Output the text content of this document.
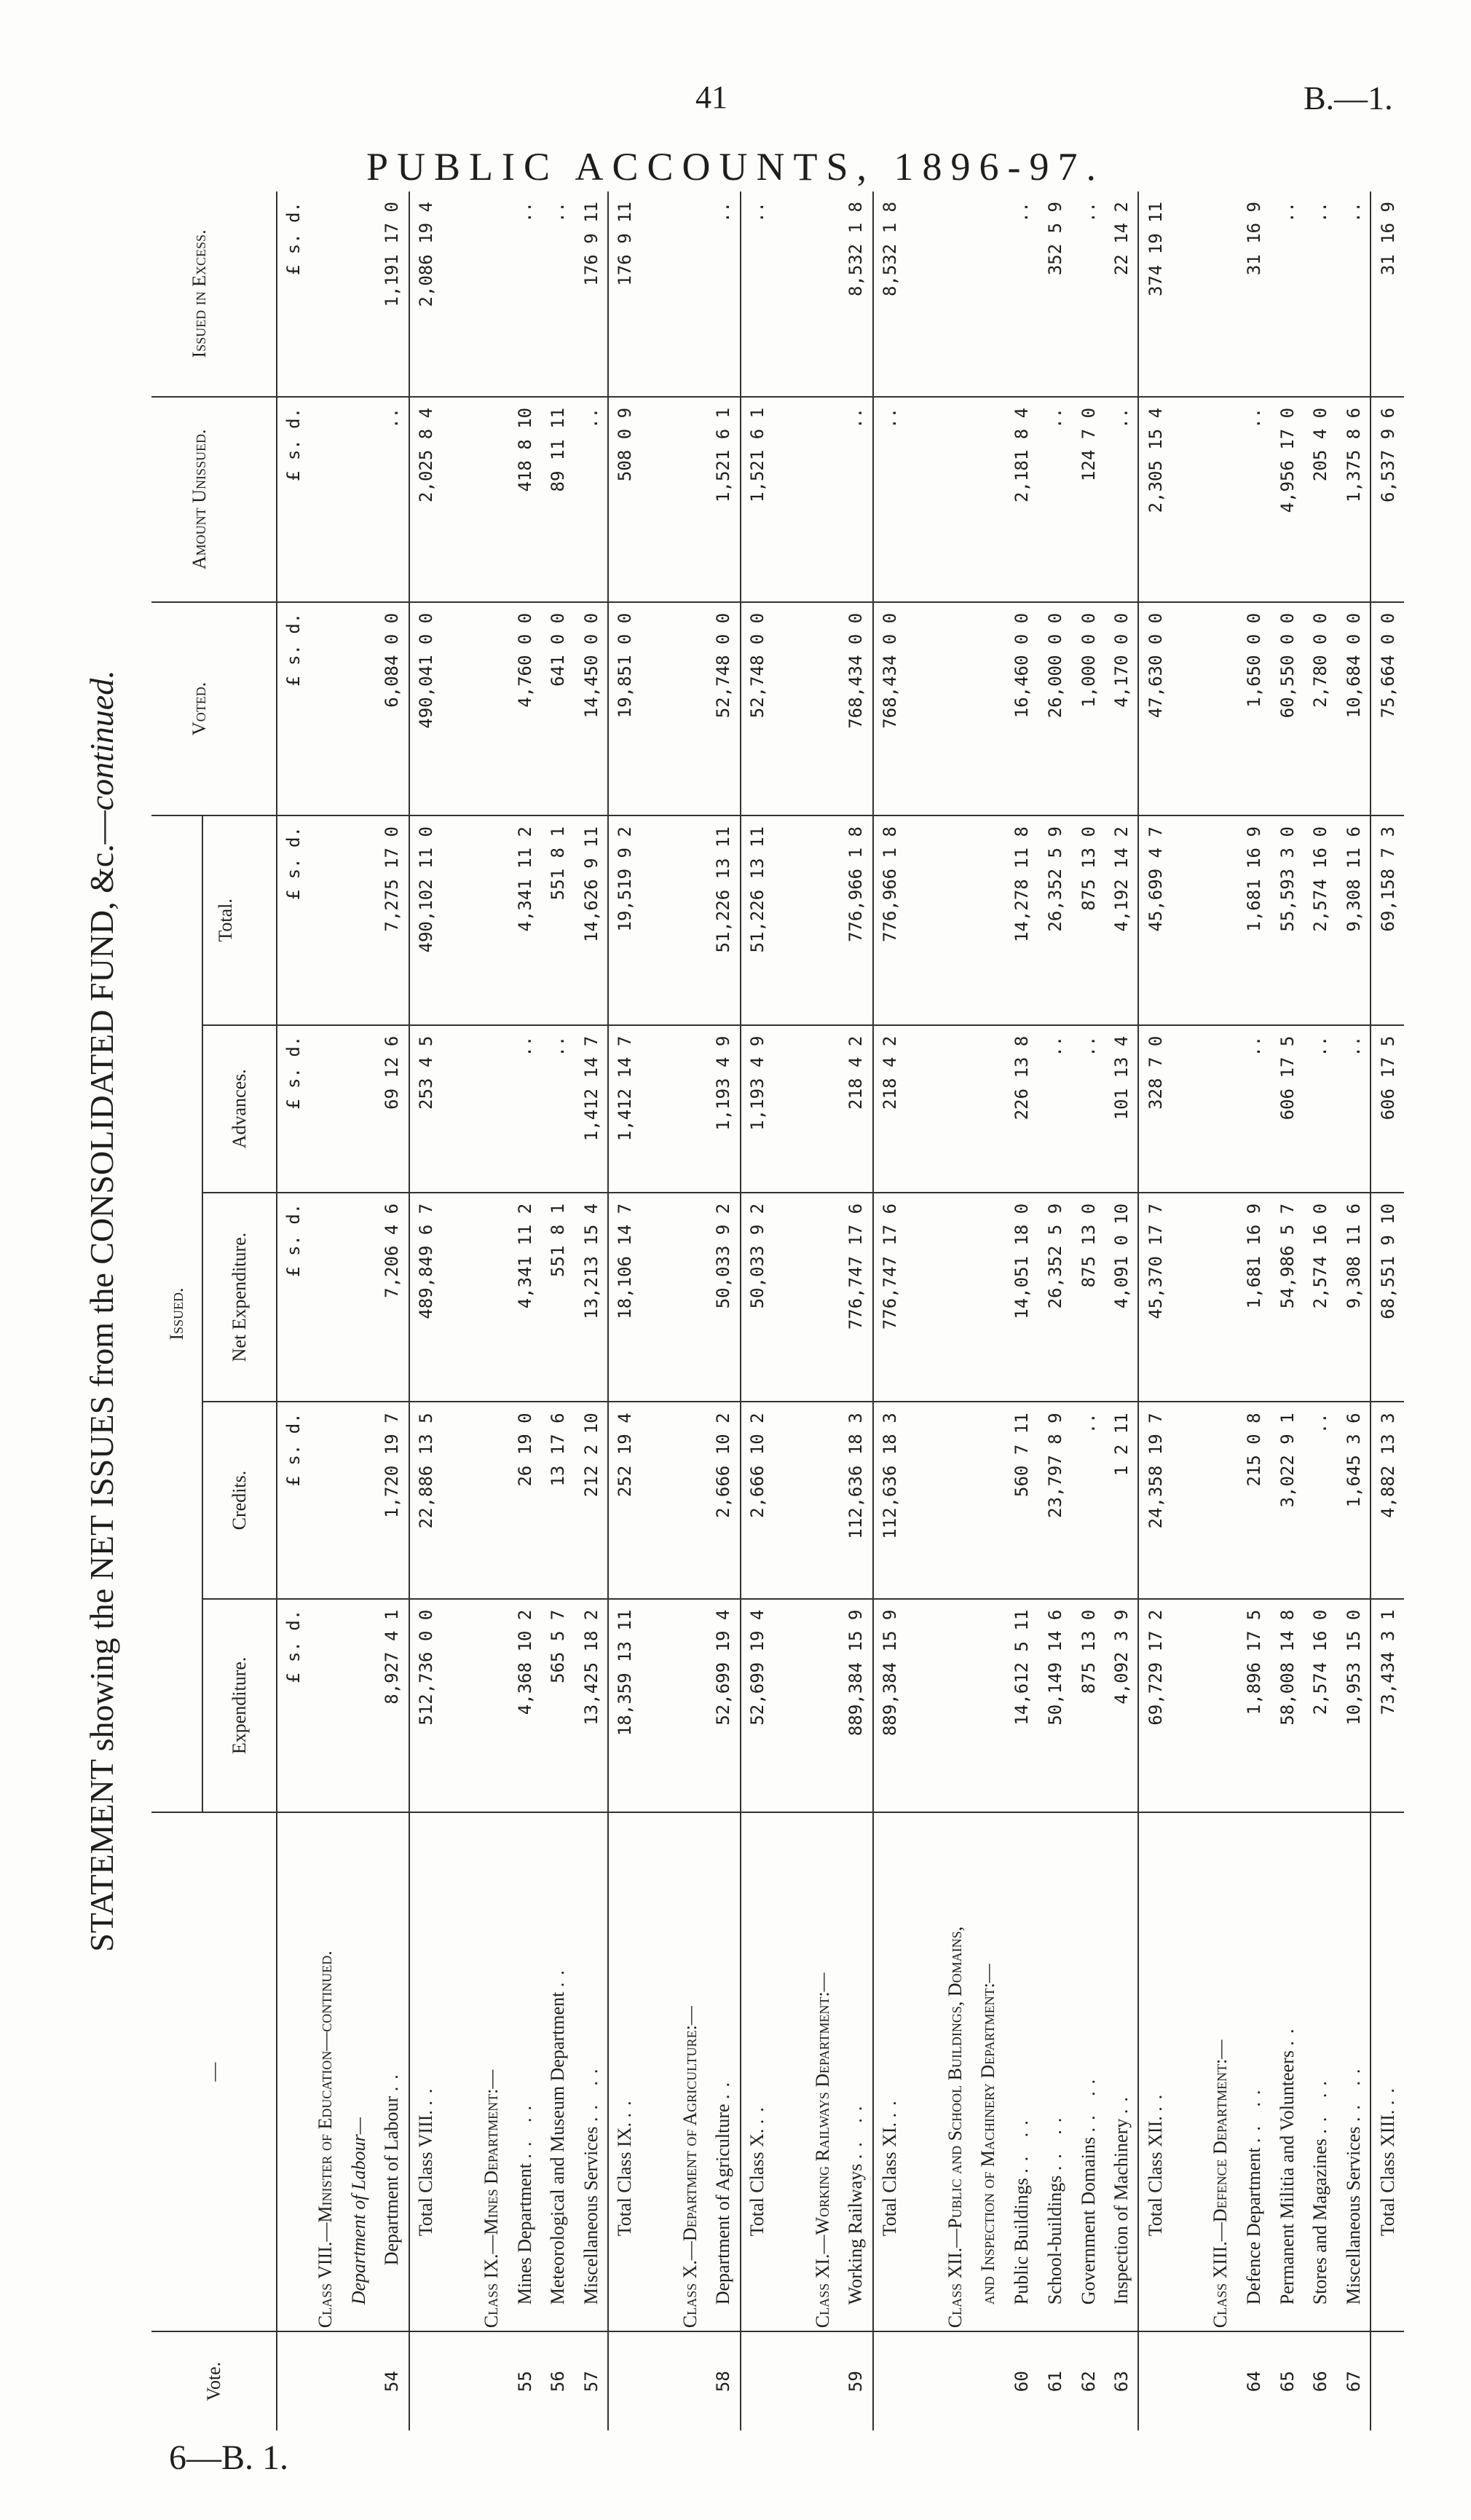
41	B.—1.
PUBLIC ACCOUNTS, 1896-97.
STATEMENT showing the NET ISSUES from the CONSOLIDATED FUND, &c.—continued.
Vote.	—	Issued.					Voted.	Amount Unissued.	Issued in Excess.
		Expenditure.	Credits.	Net Expenditure.	Advances.	Total.			

		£ s. d.	£ s. d.	£ s. d.	£ s. d.	£ s. d.	£ s. d.	£ s. d.	£ s. d.
	Class VIII.—Minister of Education—continued.								
	Department of Labour—								
54	Department of Labour ..	8,927 4 1	1,720 19 7	7,206 4 6	69 12 6	7,275 17 0	6,084 0 0	..	1,191 17 0
	Total Class VIII. ..	512,736 0 0	22,886 13 5	489,849 6 7	253 4 5	490,102 11 0	490,041 0 0	2,025 8 4	2,086 19 4

	Class IX.—Mines Department:—								
55	Mines Department .. ..	4,368 10 2	26 19 0	4,341 11 2	..	4,341 11 2	4,760 0 0	418 8 10	..
56	Meteorological and Museum Department ..	565 5 7	13 17 6	551 8 1	..	551 8 1	641 0 0	89 11 11	..
57	Miscellaneous Services .. ..	13,425 18 2	212 2 10	13,213 15 4	1,412 14 7	14,626 9 11	14,450 0 0	..	176 9 11
	Total Class IX. ..	18,359 13 11	252 19 4	18,106 14 7	1,412 14 7	19,519 9 2	19,851 0 0	508 0 9	176 9 11

	Class X.—Department of Agriculture:—								
58	Department of Agriculture ..	52,699 19 4	2,666 10 2	50,033 9 2	1,193 4 9	51,226 13 11	52,748 0 0	1,521 6 1	..
	Total Class X. ..	52,699 19 4	2,666 10 2	50,033 9 2	1,193 4 9	51,226 13 11	52,748 0 0	1,521 6 1	..

	Class XI.—Working Railways Department:—								
59	Working Railways .. ..	889,384 15 9	112,636 18 3	776,747 17 6	218 4 2	776,966 1 8	768,434 0 0	..	8,532 1 8
	Total Class XI. ..	889,384 15 9	112,636 18 3	776,747 17 6	218 4 2	776,966 1 8	768,434 0 0	..	8,532 1 8

	Class XII.—Public and School Buildings, Domains,								
	and Inspection of Machinery Department:—								
60	Public Buildings .. ..	14,612 5 11	560 7 11	14,051 18 0	226 13 8	14,278 11 8	16,460 0 0	2,181 8 4	..
61	School-buildings .. ..	50,149 14 6	23,797 8 9	26,352 5 9	..	26,352 5 9	26,000 0 0	..	352 5 9
62	Government Domains .. ..	875 13 0	..	875 13 0	..	875 13 0	1,000 0 0	124 7 0	..
63	Inspection of Machinery ..	4,092 3 9	1 2 11	4,091 0 10	101 13 4	4,192 14 2	4,170 0 0	..	22 14 2
	Total Class XII. ..	69,729 17 2	24,358 19 7	45,370 17 7	328 7 0	45,699 4 7	47,630 0 0	2,305 15 4	374 19 11

	Class XIII.—Defence Department:—								
64	Defence Department .. ..	1,896 17 5	215 0 8	1,681 16 9	..	1,681 16 9	1,650 0 0	..	31 16 9
65	Permanent Militia and Volunteers ..	58,008 14 8	3,022 9 1	54,986 5 7	606 17 5	55,593 3 0	60,550 0 0	4,956 17 0	..
66	Stores and Magazines .. ..	2,574 16 0	..	2,574 16 0	..	2,574 16 0	2,780 0 0	205 4 0	..
67	Miscellaneous Services .. ..	10,953 15 0	1,645 3 6	9,308 11 6	..	9,308 11 6	10,684 0 0	1,375 8 6	..
	Total Class XIII. ..	73,434 3 1	4,882 13 3	68,551 9 10	606 17 5	69,158 7 3	75,664 0 0	6,537 9 6	31 16 9
6—B. 1.
